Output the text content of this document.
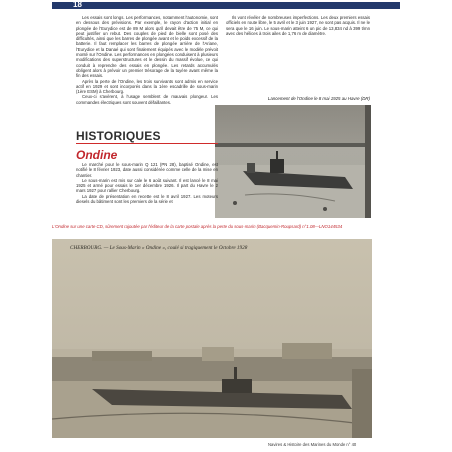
18

Les essais sont longs. Les performances, notamment l'autonomie, sont en dessous des prévisions. Par exemple, le rayon d'action initial en plongée de l'Eurydice est de 89 M alors qu'il devait être de 75 M, ce qui peut justifier un rebut. Des couples de pied de bielle sont posé des difficultés, ainsi que les barres de plongée avant et le poids excessif de la batterie. Il faut remplacer les barres de plongée arrière de l'Ariane, l'Eurydice et la Danaé qui sont finalement équipés avec le modèle prévoit monté sur l'Ondine. Les performances en plongées conduisent à plusieurs modifications des superstructures et le dessin du massif évolue, ce qui conduit à reprendre des essais en plongée. Les retards accumulés obligent alors à prévoir un premier trésorage de la tuyère avant même la fin des essais.

Après la perte de l'Ondine, les trois survivants sont admis en service actif en 1929 et sont incorporés dans la 1ère escadrille de sous-marin (1ère ESM) à Cherbourg.

Ceux-ci s'avèrent, à l'usage semblent de mauvais plongeur. Les commandes électriques sont souvent défaillantes.

Ils vont révéler de nombreuses imperfections. Les deux premiers essais officiels en route libre, le 5 avril et le 3 juin 1927, ne sont pas acquis. Il ne le sera que le 16 juin. Le sous-marin atteint 6 un pic de 13,834 nd à 399 t/mn avec des hélices à trois ailes de 1,76 m de diamètre.

Lancement de l'Ondine le 8 mai 1925 au Havre (DR)
HISTORIQUES
Ondine

Le marché pour le sous-marin Q 121 (PN 28), baptisé Ondine, est notifié le 8 février 1923, date aussi considérée comme celle de la mise en chantier.

Le sous-marin est mis sur cale le 6 août suivant. Il est lancé le 8 mai 1925 et armé pour essais le 1er décembre 1926. Il part du Havre le 2 mars 1927 pour rallier Cherbourg.

La date de présentation en recette est le 8 avril 1927. Les moteurs diesels du bâtiment sont les premiers de la série et

L'Ondine sur une carte CD, sûrement rajoutée par l'éditeur de la carte postale après la perte du sous-marin (Bacquemin-Roupsard) n°1.08—LNO144534
CHERBOURG. — Le Sous-Marin « Ondine », coulé si tragiquement le Octobre 1928
Navires & Histoire des Marines du Monde n° 40
